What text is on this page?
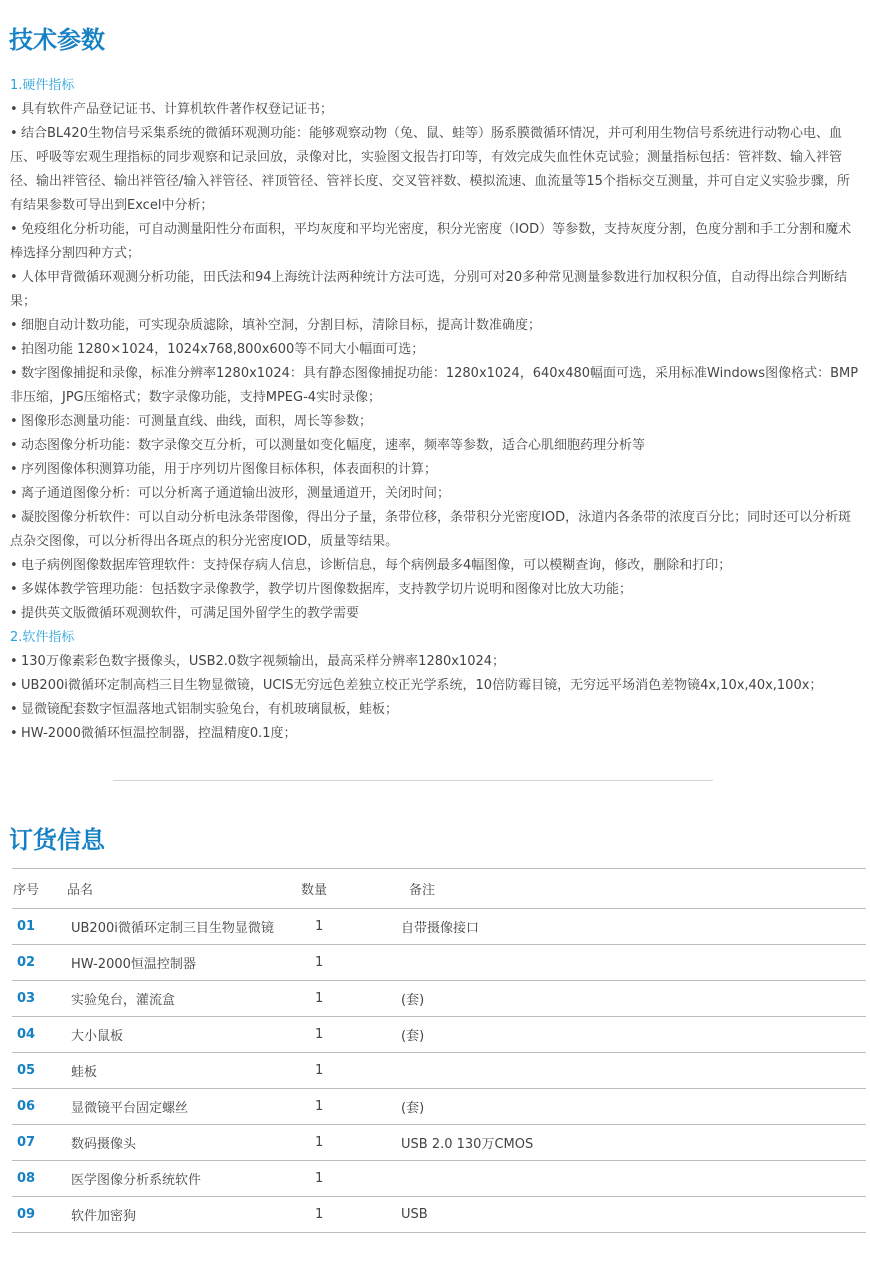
技术参数
1.硬件指标

• 具有软件产品登记证书、计算机软件著作权登记证书；

• 结合BL420生物信号采集系统的微循环观测功能：能够观察动物（兔、鼠、蛙等）肠系膜微循环情况，并可利用生物信号系统进行动物心电、血压、呼吸等宏观生理指标的同步观察和记录回放，录像对比，实验图文报告打印等，有效完成失血性休克试验；测量指标包括：管袢数、输入袢管径、输出袢管径、输出袢管径/输入袢管径、袢顶管径、管袢长度、交叉管袢数、模拟流速、血流量等15个指标交互测量，并可自定义实验步骤，所有结果参数可导出到Excel中分析；

• 免疫组化分析功能，可自动测量阳性分布面积，平均灰度和平均光密度，积分光密度（IOD）等参数，支持灰度分割，色度分割和手工分割和魔术棒选择分割四种方式；

• 人体甲背微循环观测分析功能，田氏法和94上海统计法两种统计方法可选，分别可对20多种常见测量参数进行加权积分值，自动得出综合判断结果；

• 细胞自动计数功能，可实现杂质滤除，填补空洞，分割目标，清除目标，提高计数准确度；

• 拍图功能 1280×1024，1024x768,800x600等不同大小幅面可选；

• 数字图像捕捉和录像，标准分辨率1280x1024：具有静态图像捕捉功能：1280x1024，640x480幅面可选，采用标准Windows图像格式：BMP非压缩，JPG压缩格式；数字录像功能，支持MPEG-4实时录像；

• 图像形态测量功能：可测量直线、曲线，面积，周长等参数；

• 动态图像分析功能：数字录像交互分析，可以测量如变化幅度，速率，频率等参数，适合心肌细胞药理分析等

• 序列图像体积测算功能，用于序列切片图像目标体积，体表面积的计算；

• 离子通道图像分析：可以分析离子通道输出波形，测量通道开，关闭时间；

• 凝胶图像分析软件：可以自动分析电泳条带图像，得出分子量，条带位移，条带积分光密度IOD，泳道内各条带的浓度百分比；同时还可以分析斑点杂交图像，可以分析得出各斑点的积分光密度IOD，质量等结果。

• 电子病例图像数据库管理软件：支持保存病人信息，诊断信息，每个病例最多4幅图像，可以模糊查询，修改，删除和打印；

• 多媒体教学管理功能：包括数字录像教学，教学切片图像数据库，支持教学切片说明和图像对比放大功能；

• 提供英文版微循环观测软件，可满足国外留学生的教学需要

2.软件指标

• 130万像素彩色数字摄像头，USB2.0数字视频输出，最高采样分辨率1280x1024；

• UB200i微循环定制高档三目生物显微镜，UCIS无穷远色差独立校正光学系统，10倍防霉目镜，无穷远平场消色差物镜4x,10x,40x,100x；

• 显微镜配套数字恒温落地式铝制实验兔台，有机玻璃鼠板，蛙板；

• HW-2000微循环恒温控制器，控温精度0.1度；

订货信息
序号	品名	数量	备注
01	UB200i微循环定制三目生物显微镜	1	自带摄像接口
02	HW-2000恒温控制器	1	
03	实验兔台，灌流盒	1	(套)
04	大小鼠板	1	(套)
05	蛙板	1	
06	显微镜平台固定螺丝	1	(套)
07	数码摄像头	1	USB 2.0 130万CMOS
08	医学图像分析系统软件	1	
09	软件加密狗	1	USB
